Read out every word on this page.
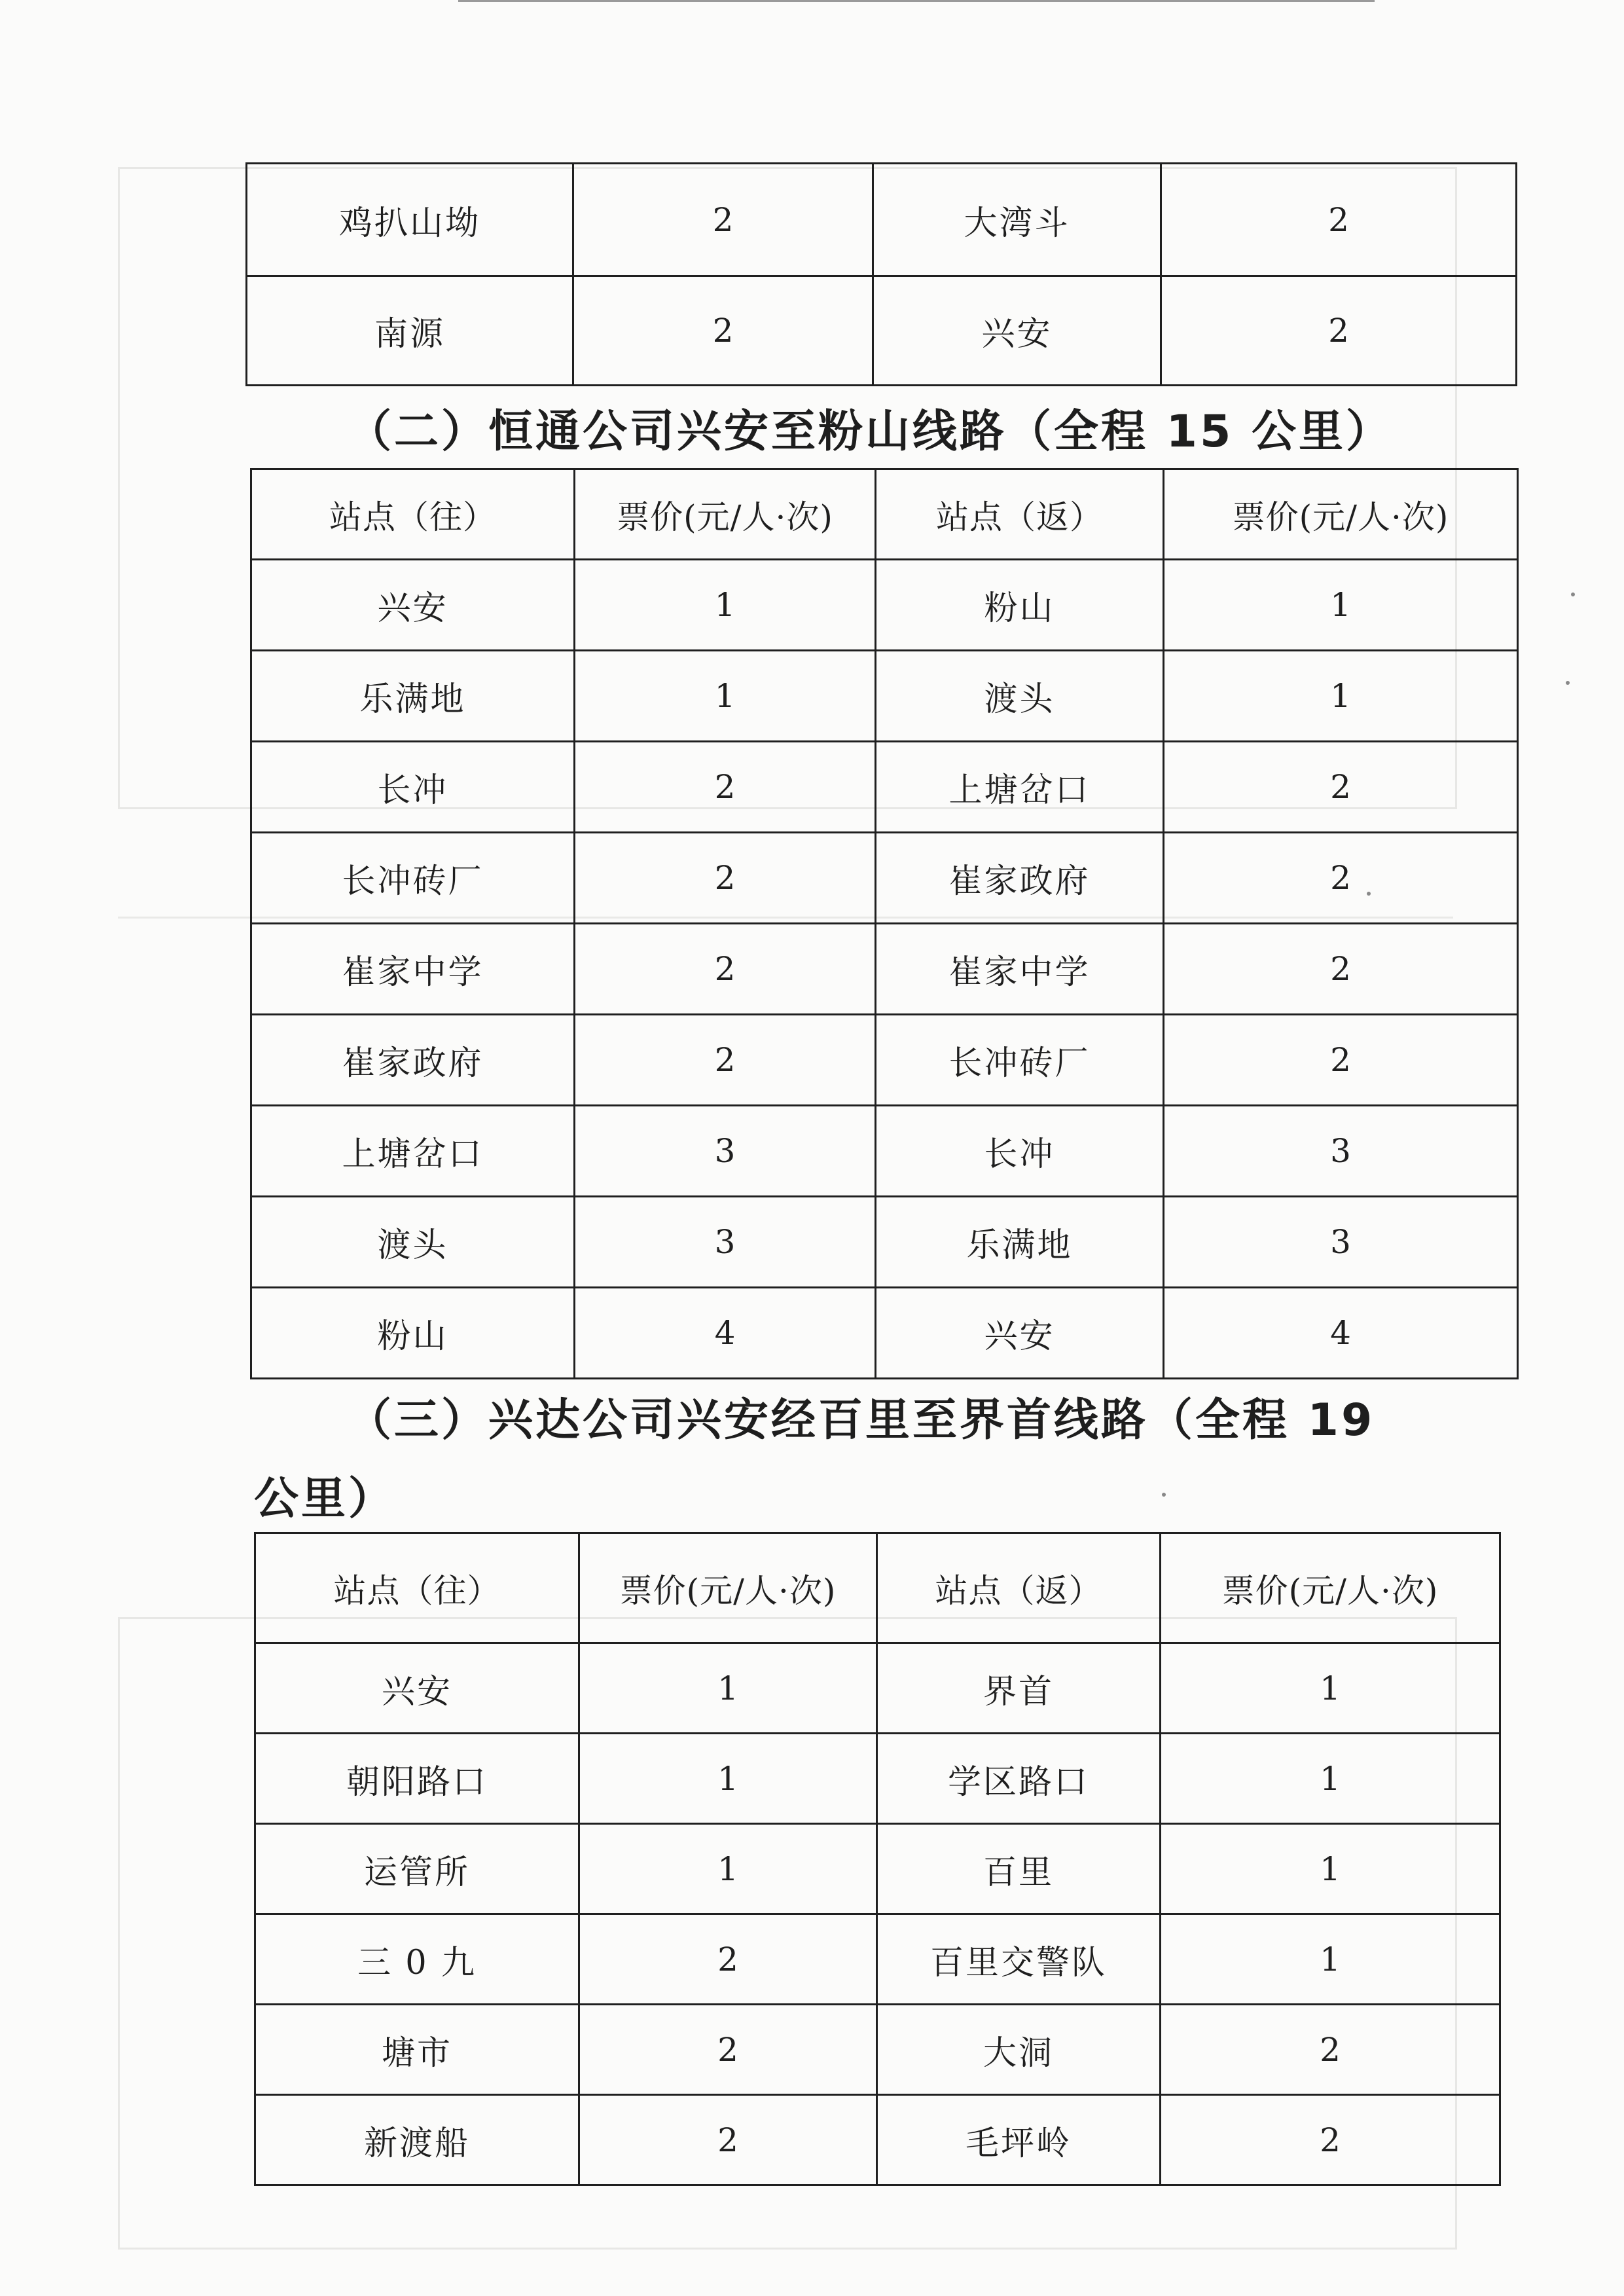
鸡扒山坳	2	大湾斗	2
南源	2	兴安	2
（二）恒通公司兴安至粉山线路（全程 15 公里）
站点（往）	票价(元/人·次)	站点（返）	票价(元/人·次)
兴安	1	粉山	1
乐满地	1	渡头	1
长冲	2	上塘岔口	2
长冲砖厂	2	崔家政府	2
崔家中学	2	崔家中学	2
崔家政府	2	长冲砖厂	2
上塘岔口	3	长冲	3
渡头	3	乐满地	3
粉山	4	兴安	4
（三）兴达公司兴安经百里至界首线路（全程 19
公里）
站点（往）	票价(元/人·次)	站点（返）	票价(元/人·次)
兴安	1	界首	1
朝阳路口	1	学区路口	1
运管所	1	百里	1
三 0 九	2	百里交警队	1
塘市	2	大洞	2
新渡船	2	毛坪岭	2
